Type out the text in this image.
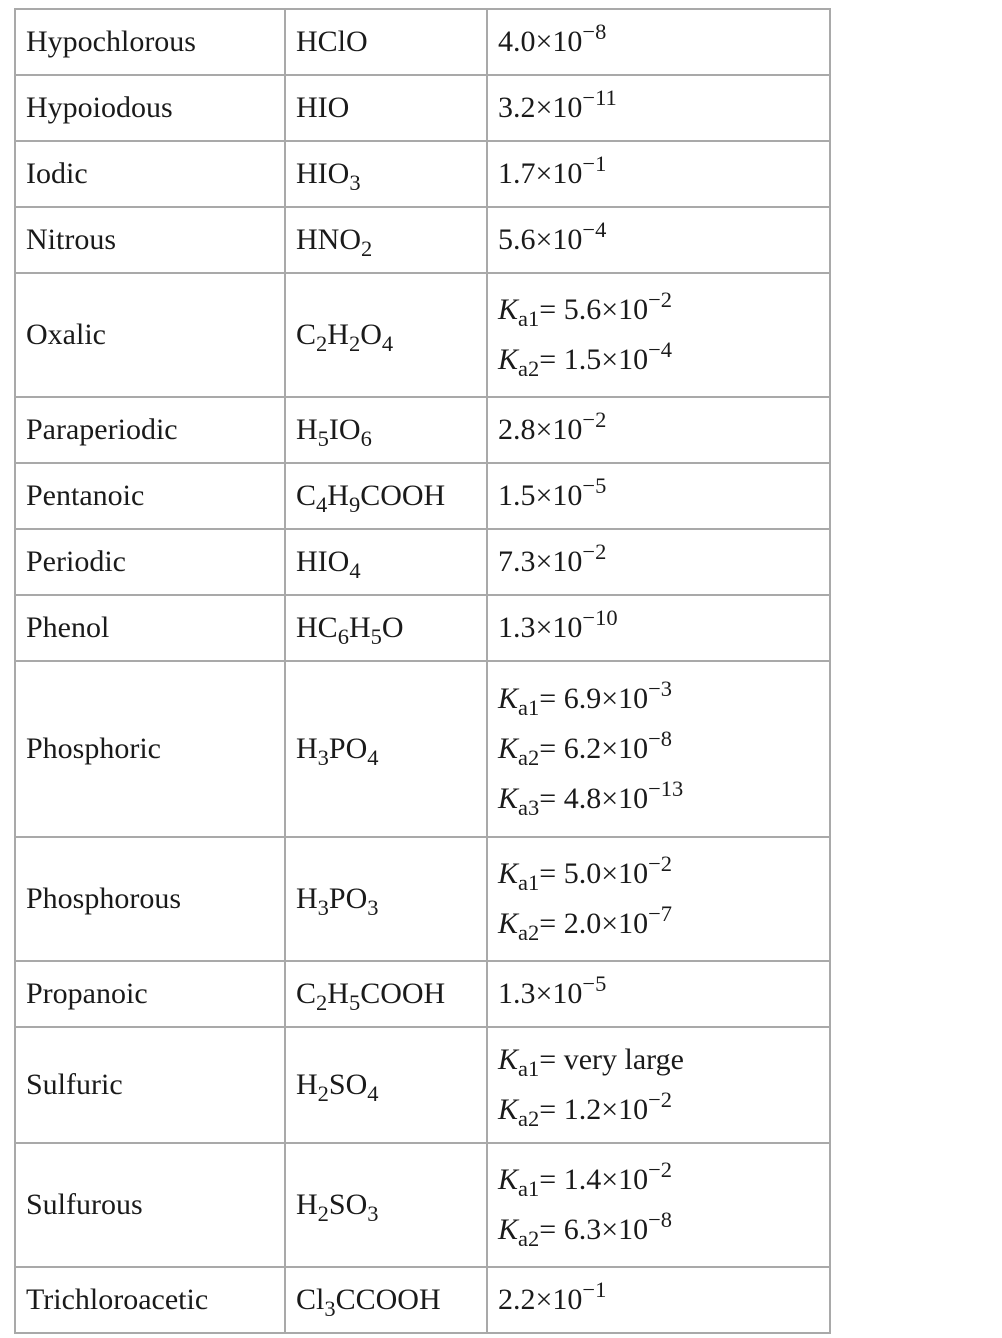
Hypochlorous	HClO	$4.0\times 10^{-8}$

Hypoiodous	HIO	$3.2\times 10^{-11}$

Iodic	$HIO_3$	$1.7\times 10^{-1}$

Nitrous	$HNO_2$	$5.6\times 10^{-4}$

Oxalic	$C_2H_2O_4$	$K_{a1}= 5.6\times 10^{-2}$
$K_{a2}= 1.5\times 10^{-4}$

Paraperiodic	$H_5IO_6$	$2.8\times 10^{-2}$

Pentanoic	$C_4H_9COOH$	$1.5\times 10^{-5}$

Periodic	$HIO_4$	$7.3\times 10^{-2}$

Phenol	$HC_6H_5O$	$1.3\times 10^{-10}$

Phosphoric	$H_3PO_4$	$K_{a1}= 6.9\times 10^{-3}$
$K_{a2}= 6.2\times 10^{-8}$
$K_{a3}= 4.8\times 10^{-13}$

Phosphorous	$H_3PO_3$	$K_{a1}= 5.0\times 10^{-2}$
$K_{a2}= 2.0\times 10^{-7}$

Propanoic	$C_2H_5COOH$	$1.3\times 10^{-5}$

Sulfuric	$H_2SO_4$	$K_{a1}=$ very large
$K_{a2}= 1.2\times 10^{-2}$

Sulfurous	$H_2SO_3$	$K_{a1}= 1.4\times 10^{-2}$
$K_{a2}= 6.3\times 10^{-8}$

Trichloroacetic	$Cl_3CCOOH$	$2.2\times 10^{-1}$
